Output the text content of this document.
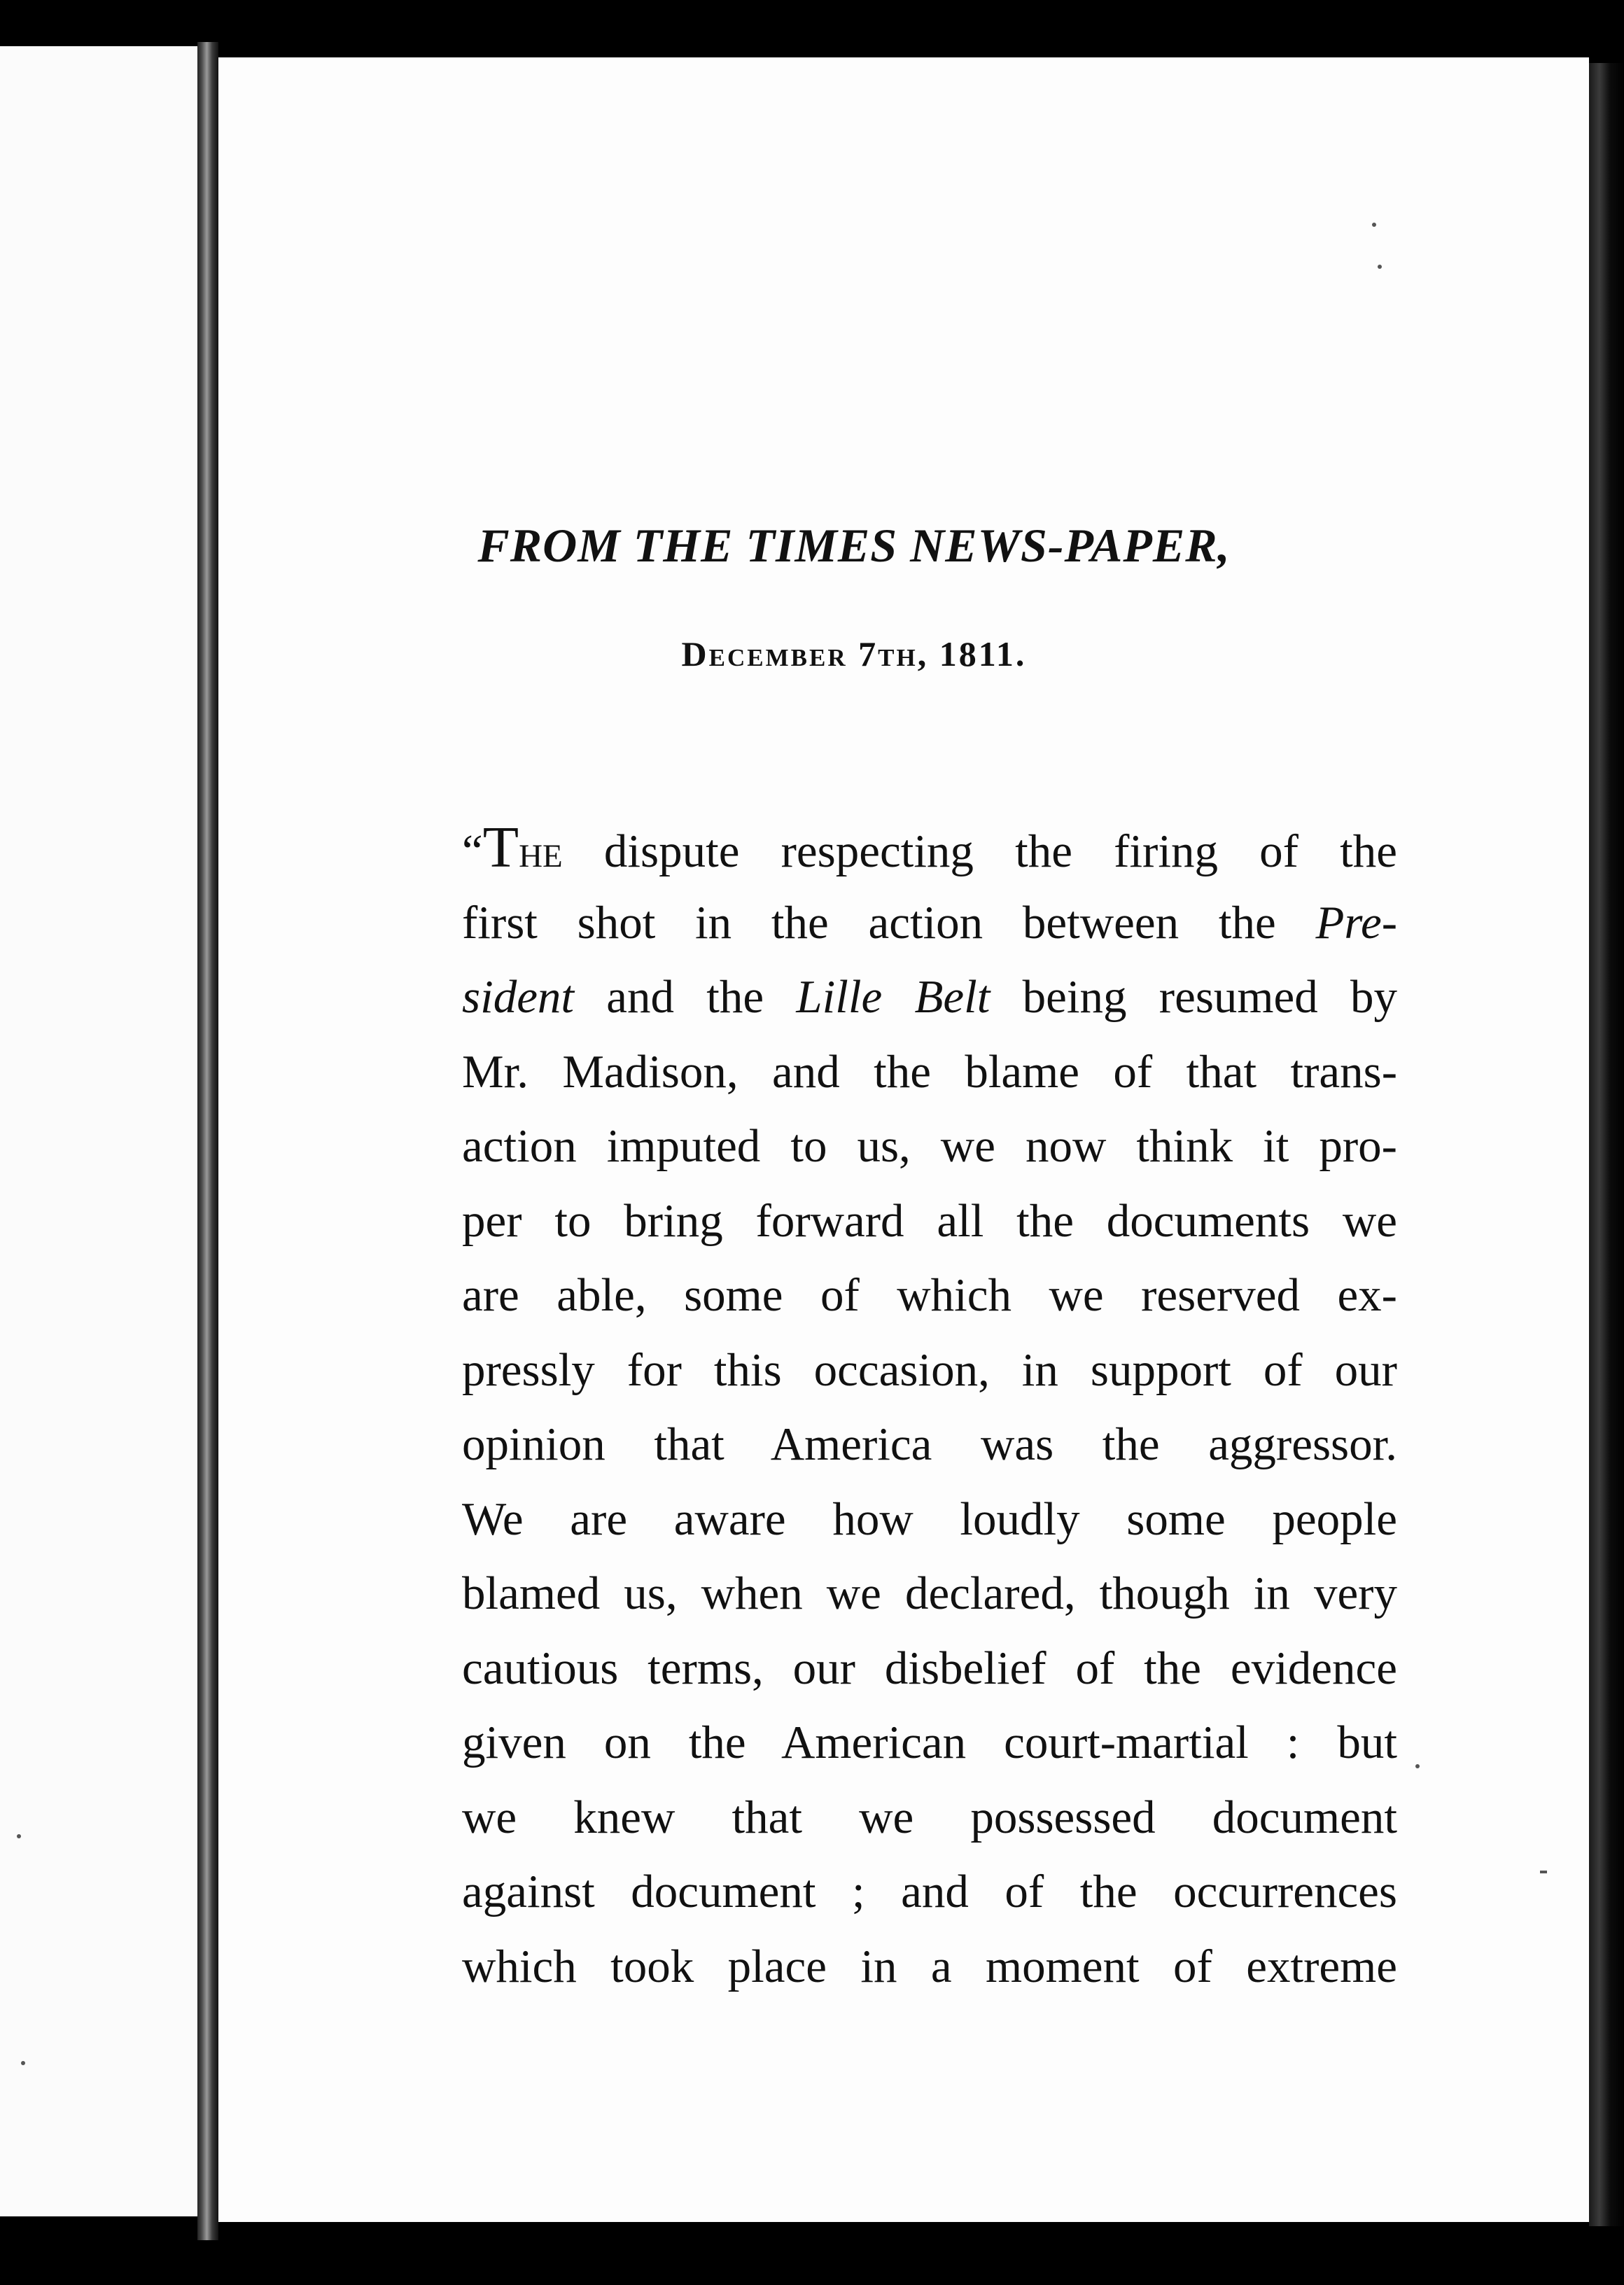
FROM THE TIMES NEWS-PAPER,
December 7th, 1811.
“The dispute respecting the firing of the
first shot in the action between the Pre-
sident and the Lille Belt being resumed by
Mr. Madison, and the blame of that trans-
action imputed to us, we now think it pro-
per to bring forward all the documents we
are able, some of which we reserved ex-
pressly for this occasion, in support of our
opinion that America was the aggressor.
We are aware how loudly some people
blamed us, when we declared, though in very
cautious terms, our disbelief of the evidence
given on the American court-martial : but
we knew that we possessed document
against document ; and of the occurrences
which took place in a moment of extreme
